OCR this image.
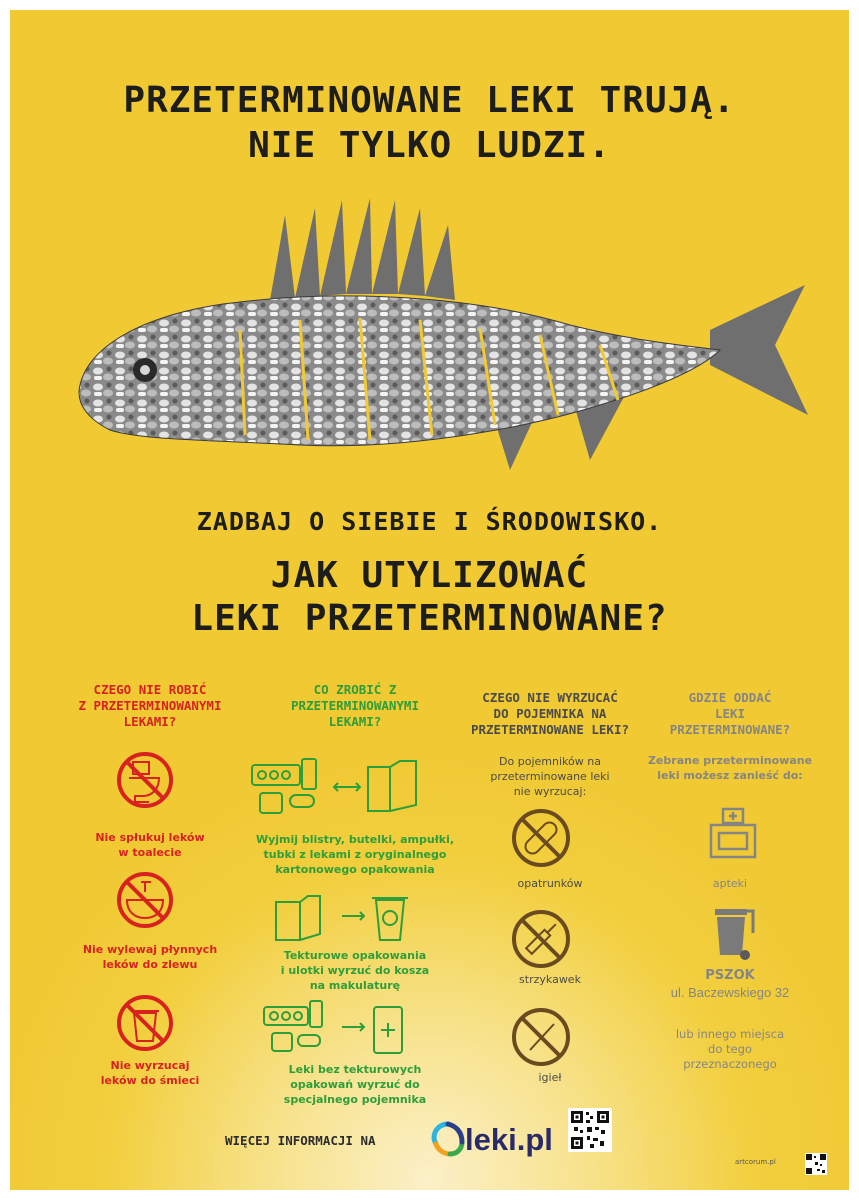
PRZETERMINOWANE LEKI TRUJĄ.
NIE TYLKO LUDZI.

ZADBAJ O SIEBIE I ŚRODOWISKO.

JAK UTYLIZOWAĆ
LEKI PRZETERMINOWANE?

CZEGO NIE ROBIĆ
Z PRZETERMINOWANYMI
LEKAMI?

Nie spłukuj leków
w toalecie

Nie wylewaj płynnych
leków do zlewu

Nie wyrzucaj
leków do śmieci

CO ZROBIĆ Z
PRZETERMINOWANYMI
LEKAMI?

Wyjmij blistry, butelki, ampułki,
tubki z lekami z oryginalnego
kartonowego opakowania

Tekturowe opakowania
i ulotki wyrzuć do kosza
na makulaturę

Leki bez tekturowych
opakowań wyrzuć do
specjalnego pojemnika

CZEGO NIE WYRZUCAĆ
DO POJEMNIKA NA
PRZETERMINOWANE LEKI?

Do pojemników na
przeterminowane leki
nie wyrzucaj:

opatrunków

strzykawek

igieł

GDZIE ODDAĆ
LEKI
PRZETERMINOWANE?

Zebrane przeterminowane
leki możesz zanieść do:

apteki

PSZOK

ul. Baczewskiego 32

lub innego miejsca
do tego
przeznaczonego

WIĘCEJ INFORMACJI NA	leki.pl

artcorum.pl
